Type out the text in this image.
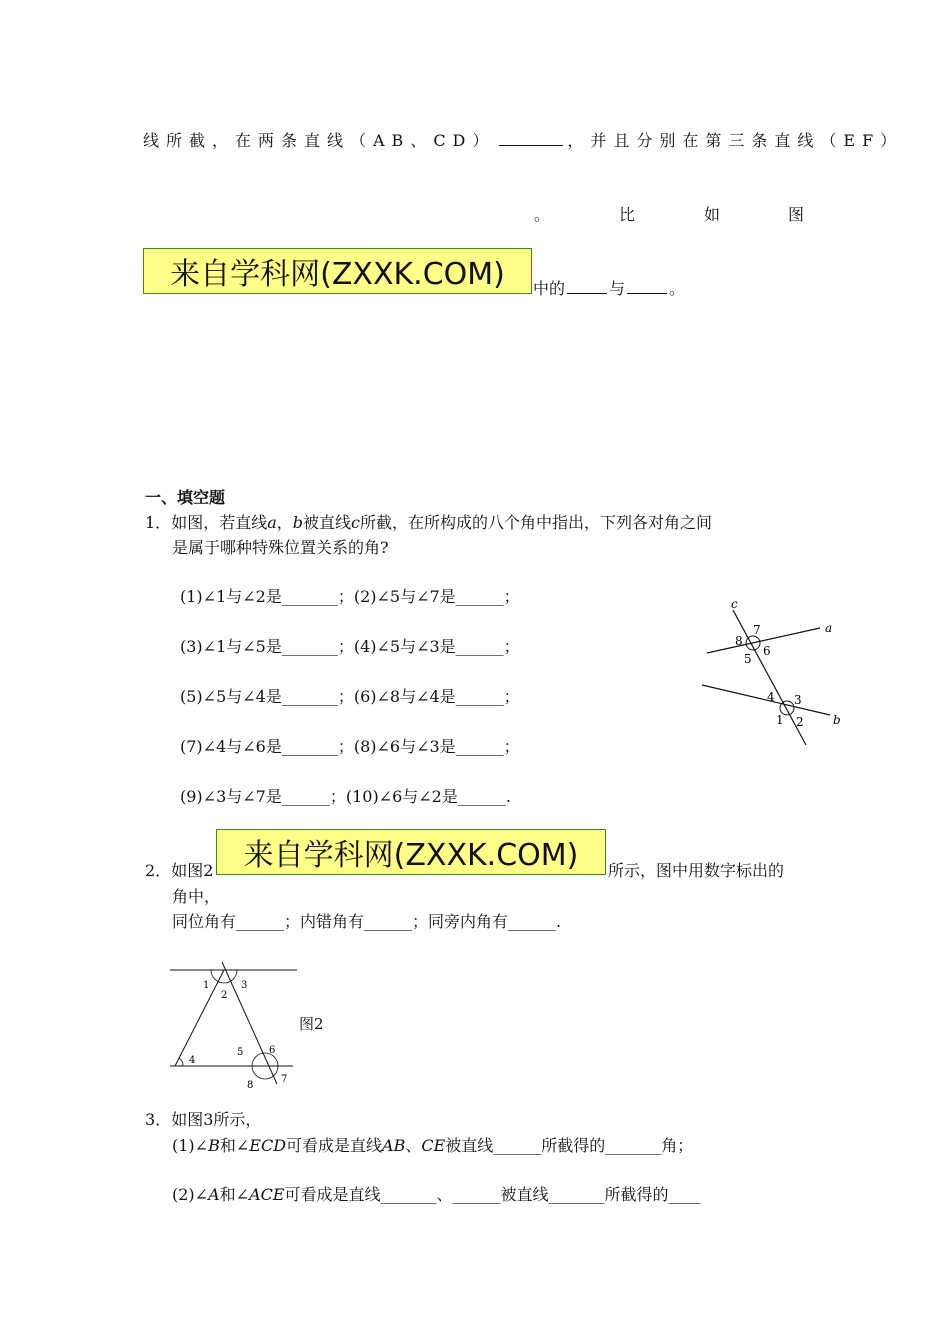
线所截，在两条直线（AB、CD）	，并且分别在第三条直线（EF）
。	比	如	图
来自学科网(ZXXK.COM) 中的	与	。
一、填空题
1．如图，若直线a，b被直线c所截，在所构成的八个角中指出，下列各对角之间
是属于哪种特殊位置关系的角?
(1)∠1与∠2是_______；(2)∠5与∠7是______；
(3)∠1与∠5是_______；(4)∠5与∠3是______；
(5)∠5与∠4是_______；(6)∠8与∠4是______；
(7)∠4与∠6是_______；(8)∠6与∠3是______；
(9)∠3与∠7是______；(10)∠6与∠2是______.
c
a
b
7
8
5
6
4 3
1 2
2．如图2 来自学科网(ZXXK.COM) 所示，图中用数字标出的
角中，
同位角有______；内错角有______；同旁内角有______.
1
2
3
4
5	6
7
8
图2
3．如图3所示，
(1)∠B和∠ECD可看成是直线AB、CE被直线______所截得的_______角；
(2)∠A和∠ACE可看成是直线_______、______被直线_______所截得的____
